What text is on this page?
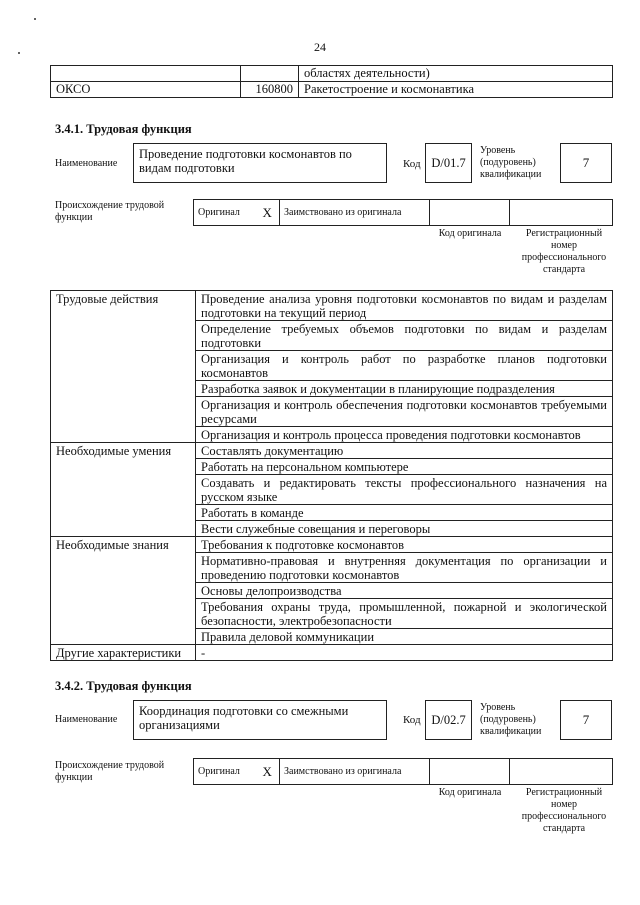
24
		областях деятельности)
ОКСО	160800	Ракетостроение и космонавтика
3.4.1. Трудовая функция
Наименование
Проведение подготовки космонавтов по видам подготовки	Код D/01.7
Уровень (подуровень) квалификации
7
Происхождение трудовой функции	Оригинал	X	Заимствовано из оригинала		
Код оригинала	Регистрационный номер профессионального стандарта
Трудовые действия	Проведение анализа уровня подготовки космонавтов по видам и разделам подготовки на текущий период
	Определение требуемых объемов подготовки по видам и разделам подготовки
	Организация и контроль работ по разработке планов подготовки космонавтов
	Разработка заявок и документации в планирующие подразделения
	Организация и контроль обеспечения подготовки космонавтов требуемыми ресурсами
	Организация и контроль процесса проведения подготовки космонавтов
Необходимые умения	Составлять документацию
	Работать на персональном компьютере
	Создавать и редактировать тексты профессионального назначения на русском языке
	Работать в команде
	Вести служебные совещания и переговоры
Необходимые знания	Требования к подготовке космонавтов
	Нормативно-правовая и внутренняя документация по организации и проведению подготовки космонавтов
	Основы делопроизводства
	Требования охраны труда, промышленной, пожарной и экологической безопасности, электробезопасности
	Правила деловой коммуникации
Другие характеристики	-
3.4.2. Трудовая функция
Наименование
Координация подготовки со смежными организациями	Код D/02.7
Уровень (подуровень) квалификации
7
Происхождение трудовой функции
Оригинал	X	Заимствовано из оригинала		
Код оригинала	Регистрационный номер профессионального стандарта
